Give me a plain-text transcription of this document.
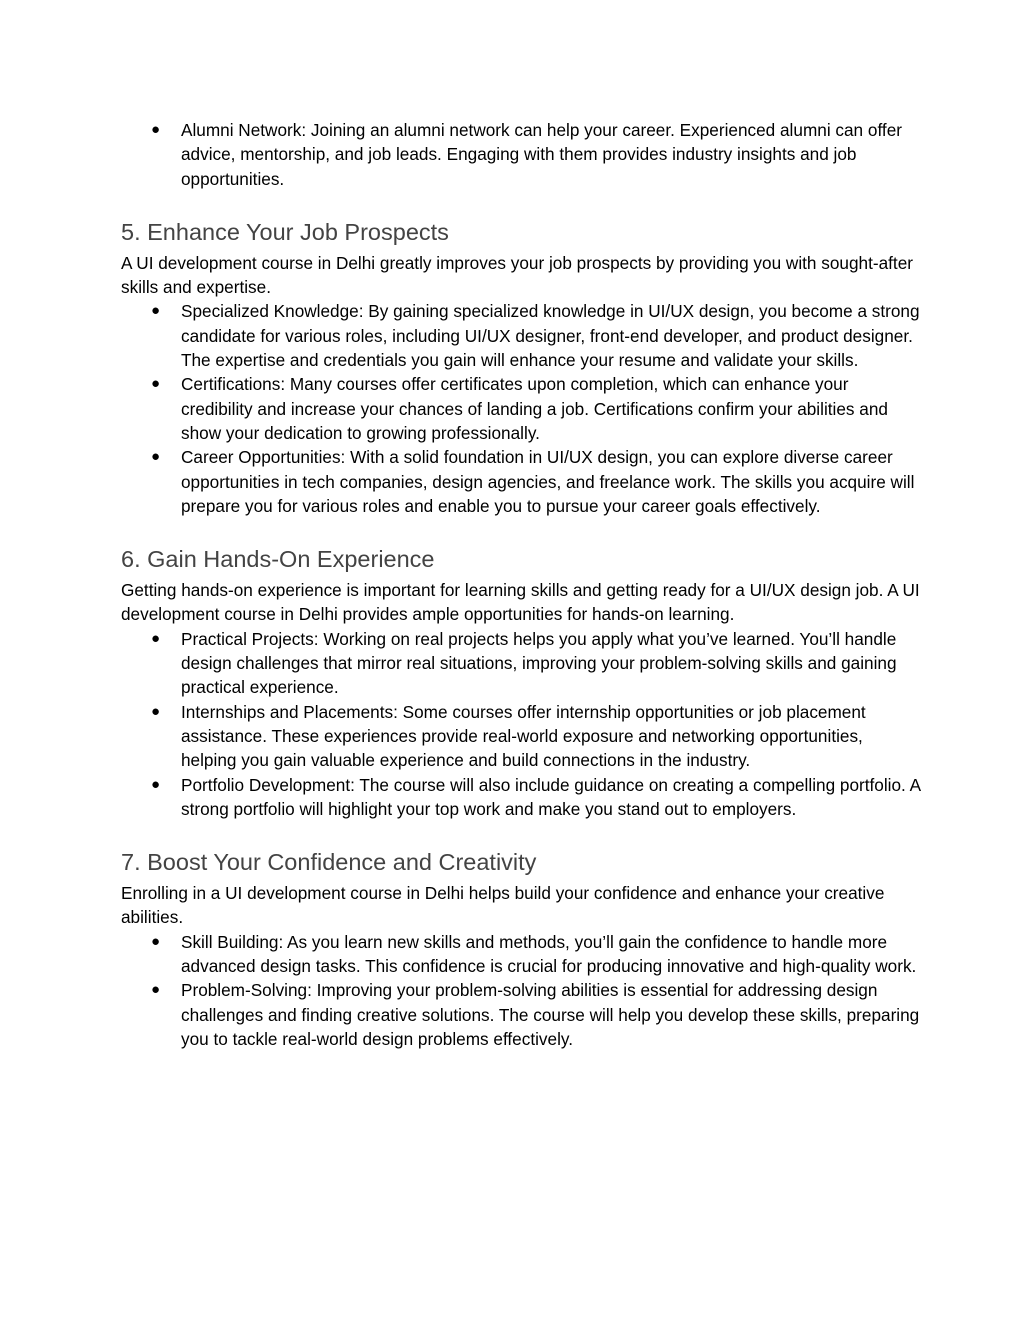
● Alumni Network: Joining an alumni network can help your career. Experienced alumni can offer advice, mentorship, and job leads. Engaging with them provides industry insights and job opportunities.
5. Enhance Your Job Prospects

A UI development course in Delhi greatly improves your job prospects by providing you with sought-after skills and expertise.

● Specialized Knowledge: By gaining specialized knowledge in UI/UX design, you become a strong candidate for various roles, including UI/UX designer, front-end developer, and product designer. The expertise and credentials you gain will enhance your resume and validate your skills.
● Certifications: Many courses offer certificates upon completion, which can enhance your credibility and increase your chances of landing a job. Certifications confirm your abilities and show your dedication to growing professionally.
● Career Opportunities: With a solid foundation in UI/UX design, you can explore diverse career opportunities in tech companies, design agencies, and freelance work. The skills you acquire will prepare you for various roles and enable you to pursue your career goals effectively.
6. Gain Hands-On Experience

Getting hands-on experience is important for learning skills and getting ready for a UI/UX design job. A UI development course in Delhi provides ample opportunities for hands-on learning.

● Practical Projects: Working on real projects helps you apply what you’ve learned. You’ll handle design challenges that mirror real situations, improving your problem-solving skills and gaining practical experience.
● Internships and Placements: Some courses offer internship opportunities or job placement assistance. These experiences provide real-world exposure and networking opportunities, helping you gain valuable experience and build connections in the industry.
● Portfolio Development: The course will also include guidance on creating a compelling portfolio. A strong portfolio will highlight your top work and make you stand out to employers.
7. Boost Your Confidence and Creativity

Enrolling in a UI development course in Delhi helps build your confidence and enhance your creative abilities.

● Skill Building: As you learn new skills and methods, you’ll gain the confidence to handle more advanced design tasks. This confidence is crucial for producing innovative and high-quality work.
● Problem-Solving: Improving your problem-solving abilities is essential for addressing design challenges and finding creative solutions. The course will help you develop these skills, preparing you to tackle real-world design problems effectively.
